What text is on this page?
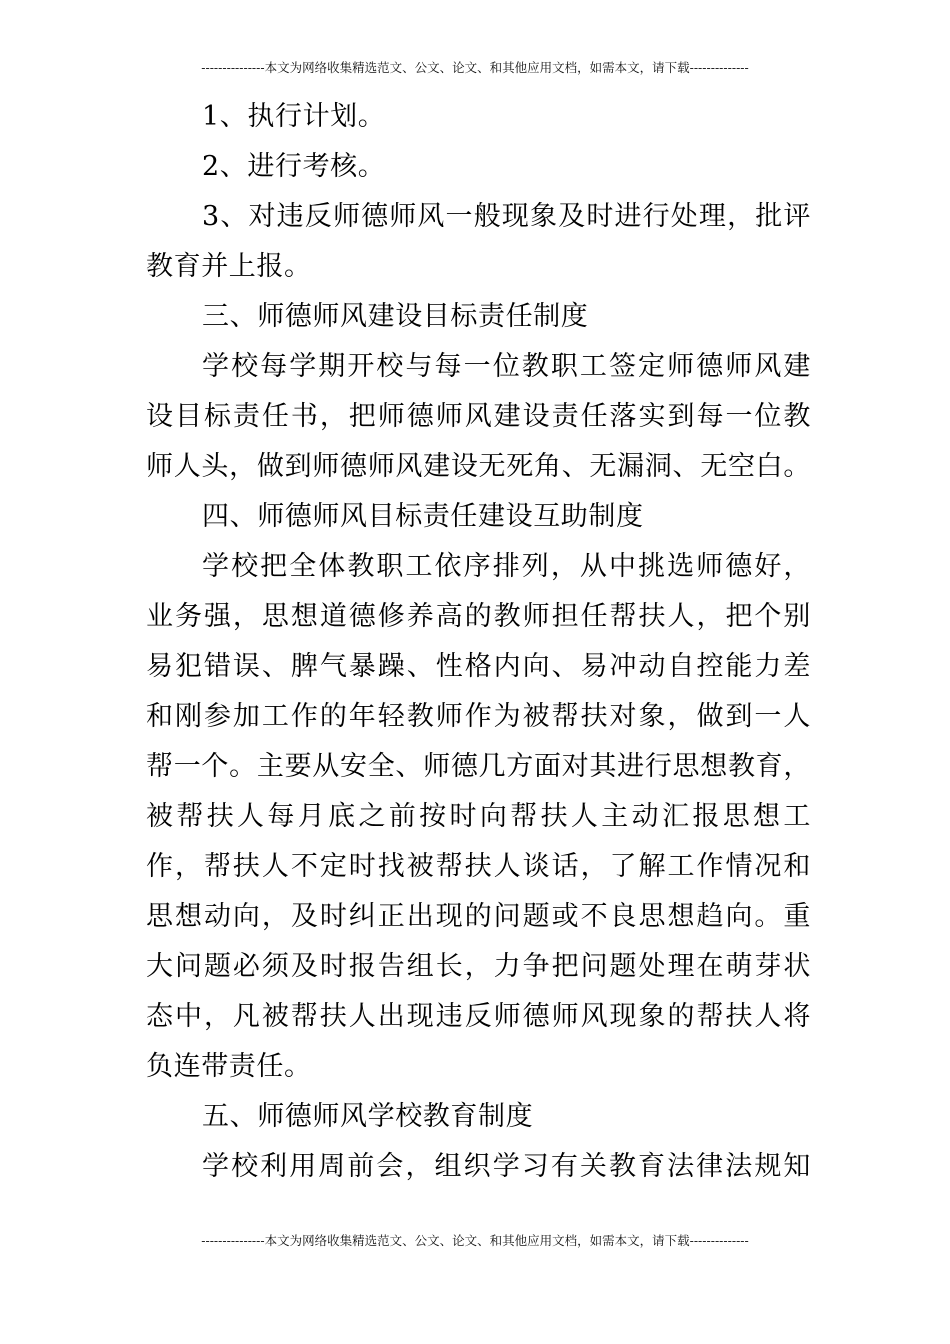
---------------本文为网络收集精选范文、公文、论文、和其他应用文档，如需本文，请下载--------------
1、执行计划。
2、进行考核。
3、对违反师德师风一般现象及时进行处理，批评
教育并上报。
三、师德师风建设目标责任制度
学校每学期开校与每一位教职工签定师德师风建
设目标责任书，把师德师风建设责任落实到每一位教
师人头，做到师德师风建设无死角、无漏洞、无空白。
四、师德师风目标责任建设互助制度
学校把全体教职工依序排列，从中挑选师德好，
业务强，思想道德修养高的教师担任帮扶人，把个别
易犯错误、脾气暴躁、性格内向、易冲动自控能力差
和刚参加工作的年轻教师作为被帮扶对象，做到一人
帮一个。主要从安全、师德几方面对其进行思想教育，
被帮扶人每月底之前按时向帮扶人主动汇报思想工
作，帮扶人不定时找被帮扶人谈话，了解工作情况和
思想动向，及时纠正出现的问题或不良思想趋向。重
大问题必须及时报告组长，力争把问题处理在萌芽状
态中，凡被帮扶人出现违反师德师风现象的帮扶人将
负连带责任。
五、师德师风学校教育制度
学校利用周前会，组织学习有关教育法律法规知
---------------本文为网络收集精选范文、公文、论文、和其他应用文档，如需本文，请下载--------------
